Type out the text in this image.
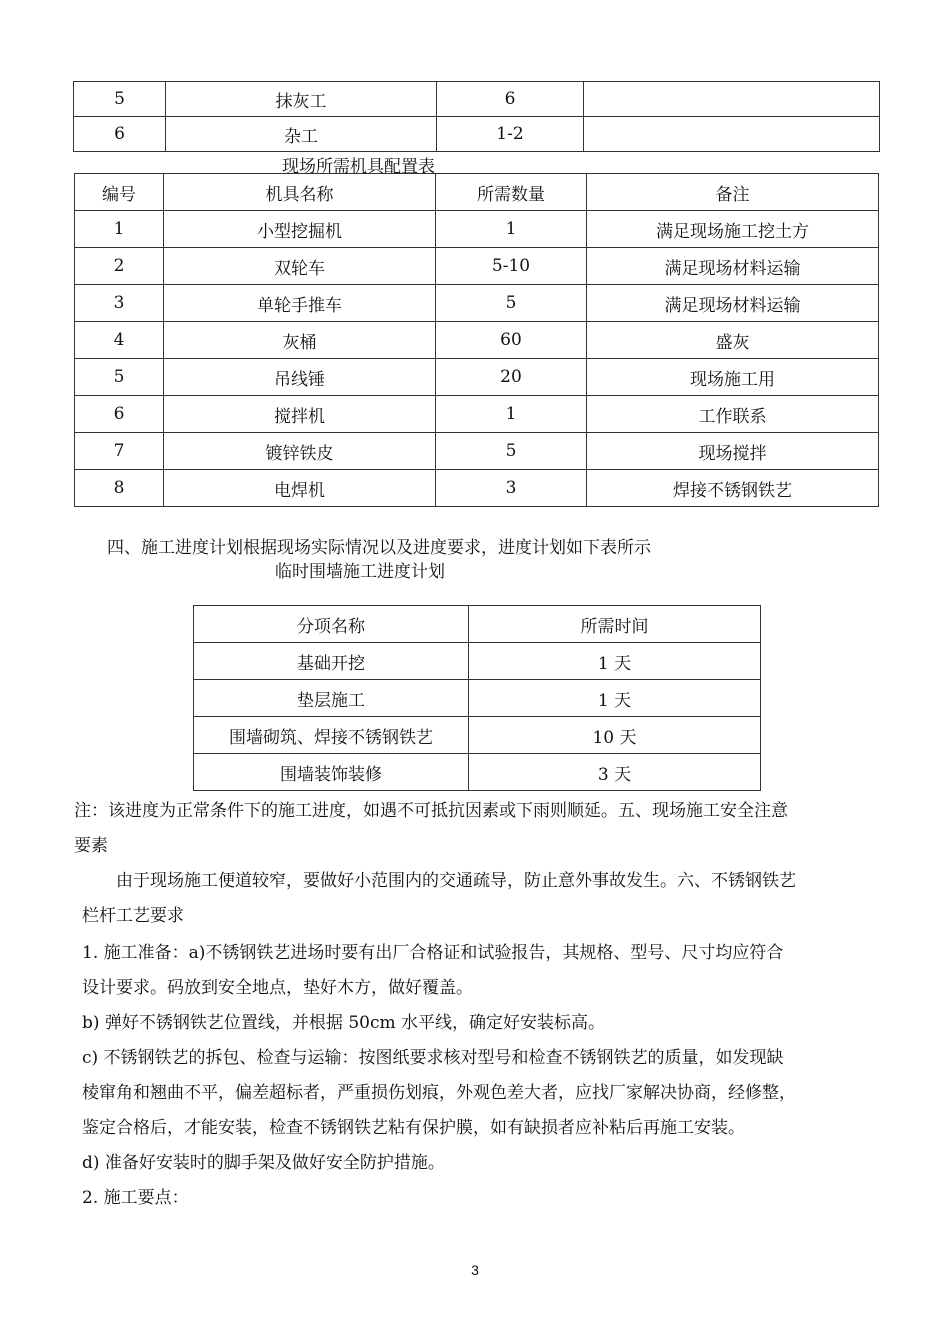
5	抹灰工	6	
6	杂工	1-2	
现场所需机具配置表
编号	机具名称	所需数量	备注
1	小型挖掘机	1	满足现场施工挖土方
2	双轮车	5-10	满足现场材料运输
3	单轮手推车	5	满足现场材料运输
4	灰桶	60	盛灰
5	吊线锤	20	现场施工用
6	搅拌机	1	工作联系
7	镀锌铁皮	5	现场搅拌
8	电焊机	3	焊接不锈钢铁艺
四、施工进度计划根据现场实际情况以及进度要求，进度计划如下表所示
临时围墙施工进度计划
分项名称	所需时间
基础开挖	1 天
垫层施工	1 天
围墙砌筑、焊接不锈钢铁艺	10 天
围墙装饰装修	3 天

注：该进度为正常条件下的施工进度，如遇不可抵抗因素或下雨则顺延。五、现场施工安全注意

要素

由于现场施工便道较窄，要做好小范围内的交通疏导，防止意外事故发生。六、不锈钢铁艺

栏杆工艺要求

1. 施工准备：a)不锈钢铁艺进场时要有出厂合格证和试验报告，其规格、型号、尺寸均应符合

设计要求。码放到安全地点，垫好木方，做好覆盖。

b) 弹好不锈钢铁艺位置线，并根据 50cm 水平线，确定好安装标高。

c) 不锈钢铁艺的拆包、检查与运输：按图纸要求核对型号和检查不锈钢铁艺的质量，如发现缺

棱窜角和翘曲不平，偏差超标者，严重损伤划痕，外观色差大者，应找厂家解决协商，经修整，

鉴定合格后，才能安装，检查不锈钢铁艺粘有保护膜，如有缺损者应补粘后再施工安装。

d) 准备好安装时的脚手架及做好安全防护措施。

2. 施工要点：

3
